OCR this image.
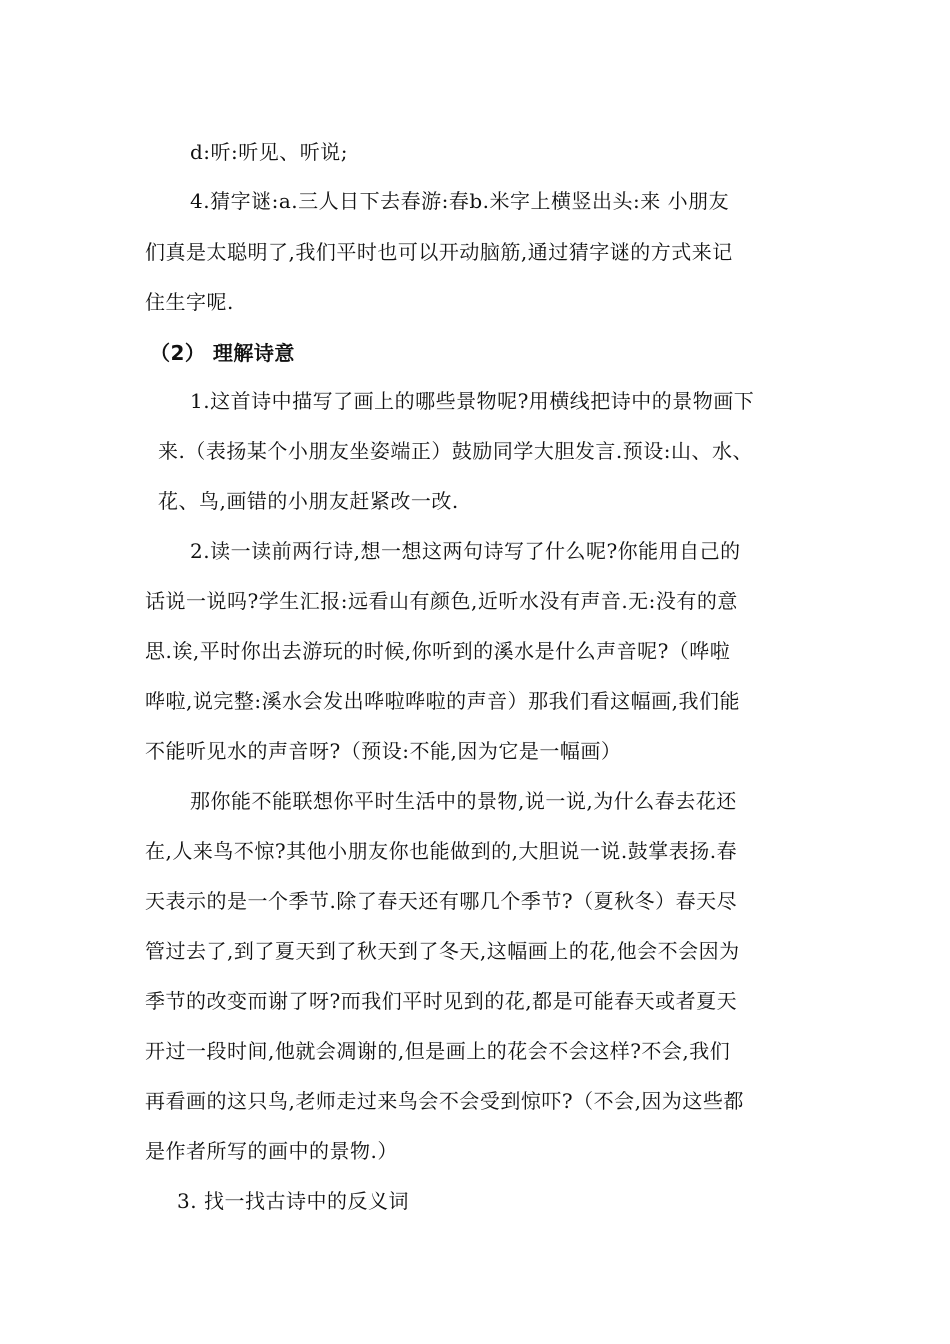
d:听:听见、听说;
4.猜字谜:a.三人日下去春游:春b.米字上横竖出头:来 小朋友
们真是太聪明了,我们平时也可以开动脑筋,通过猜字谜的方式来记
住生字呢.
（2） 理解诗意
1.这首诗中描写了画上的哪些景物呢?用横线把诗中的景物画下
来.（表扬某个小朋友坐姿端正）鼓励同学大胆发言.预设:山、水、
花、鸟,画错的小朋友赶紧改一改.
2.读一读前两行诗,想一想这两句诗写了什么呢?你能用自己的
话说一说吗?学生汇报:远看山有颜色,近听水没有声音.无:没有的意
思.诶,平时你出去游玩的时候,你听到的溪水是什么声音呢?（哗啦
哗啦,说完整:溪水会发出哗啦哗啦的声音）那我们看这幅画,我们能
不能听见水的声音呀?（预设:不能,因为它是一幅画）
那你能不能联想你平时生活中的景物,说一说,为什么春去花还
在,人来鸟不惊?其他小朋友你也能做到的,大胆说一说.鼓掌表扬.春
天表示的是一个季节.除了春天还有哪几个季节?（夏秋冬）春天尽
管过去了,到了夏天到了秋天到了冬天,这幅画上的花,他会不会因为
季节的改变而谢了呀?而我们平时见到的花,都是可能春天或者夏天
开过一段时间,他就会凋谢的,但是画上的花会不会这样?不会,我们
再看画的这只鸟,老师走过来鸟会不会受到惊吓?（不会,因为这些都
是作者所写的画中的景物.）
3. 找一找古诗中的反义词
